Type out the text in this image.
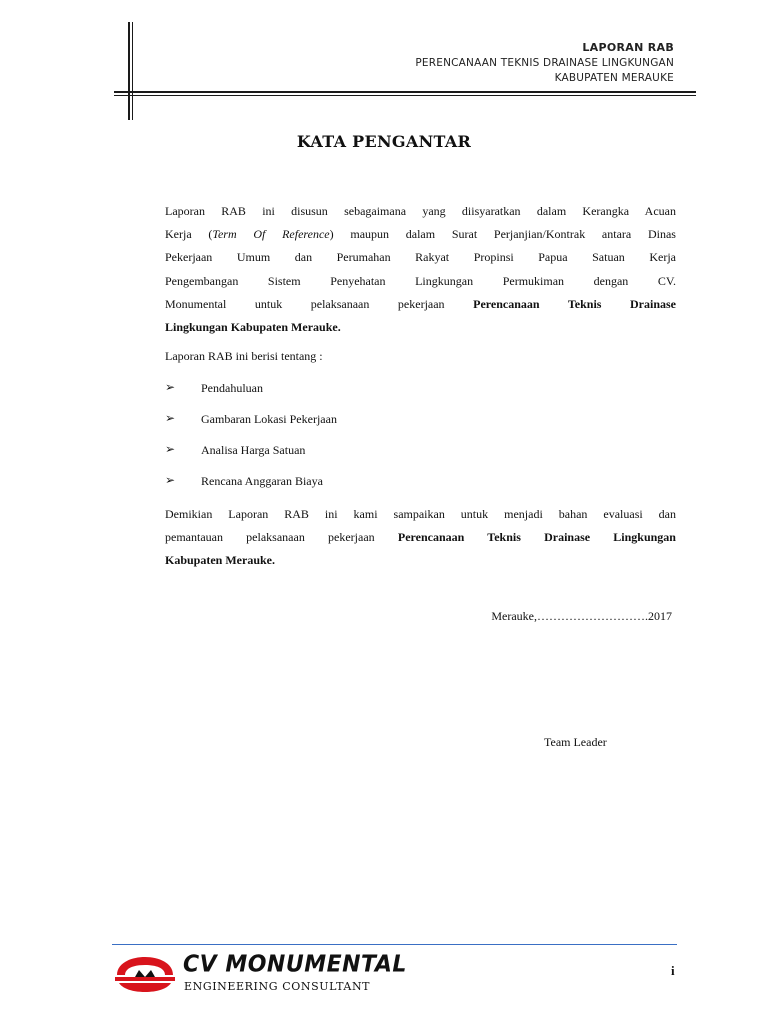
LAPORAN RAB
PERENCANAAN TEKNIS DRAINASE LINGKUNGAN
KABUPATEN MERAUKE
KATA PENGANTAR
Laporan RAB ini disusun sebagaimana yang diisyaratkan dalam Kerangka Acuan
Kerja (Term Of Reference) maupun dalam Surat Perjanjian/Kontrak antara Dinas
Pekerjaan Umum dan Perumahan Rakyat Propinsi Papua Satuan Kerja
Pengembangan Sistem Penyehatan Lingkungan Permukiman dengan CV.
Monumental untuk pelaksanaan pekerjaan Perencanaan Teknis Drainase
Lingkungan Kabupaten Merauke.
Laporan RAB ini berisi tentang :
➢ Pendahuluan
➢ Gambaran Lokasi Pekerjaan
➢ Analisa Harga Satuan
➢ Rencana Anggaran Biaya
Demikian Laporan RAB ini kami sampaikan untuk menjadi bahan evaluasi dan
pemantauan pelaksanaan pekerjaan Perencanaan Teknis Drainase Lingkungan
Kabupaten Merauke.
Merauke,……………………….2017
Team Leader
CV MONUMENTAL
ENGINEERING CONSULTANT
i
